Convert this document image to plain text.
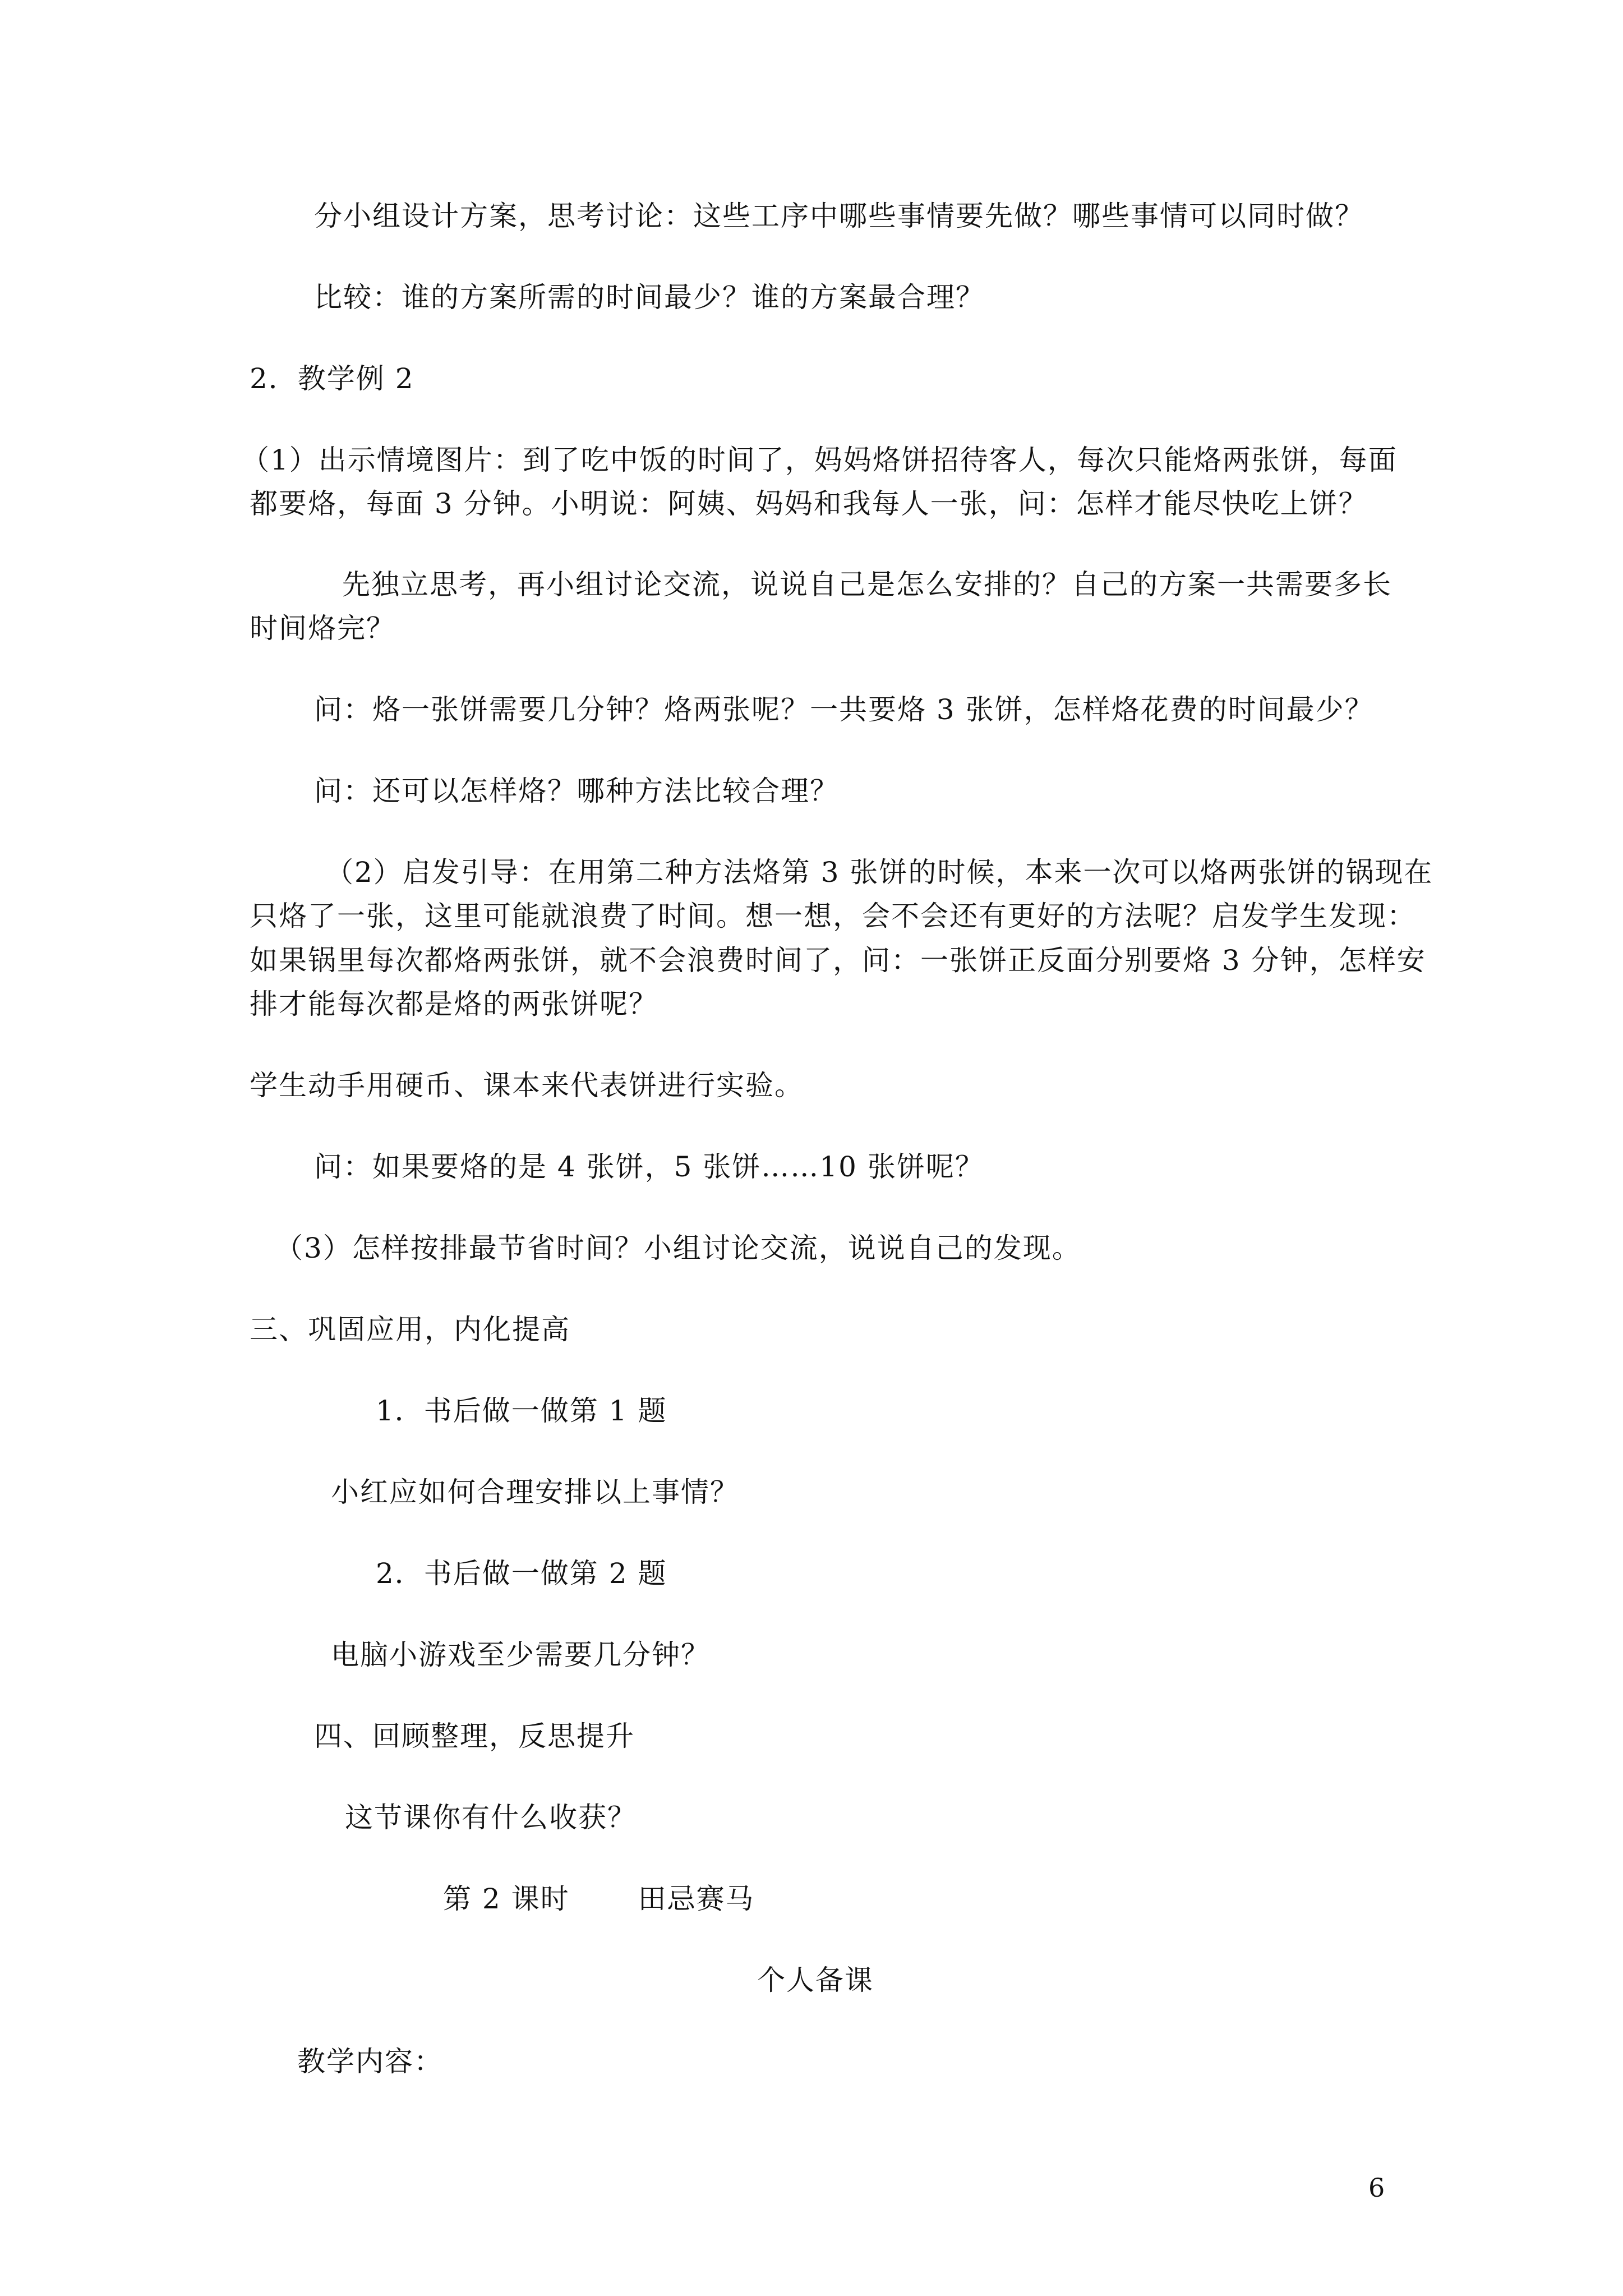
分小组设计方案，思考讨论：这些工序中哪些事情要先做？哪些事情可以同时做？
比较：谁的方案所需的时间最少？谁的方案最合理？
2．教学例 2
（1）出示情境图片：到了吃中饭的时间了，妈妈烙饼招待客人，每次只能烙两张饼，每面
都要烙，每面 3 分钟。小明说：阿姨、妈妈和我每人一张，问：怎样才能尽快吃上饼？
先独立思考，再小组讨论交流，说说自己是怎么安排的？自己的方案一共需要多长
时间烙完？
问：烙一张饼需要几分钟？烙两张呢？一共要烙 3 张饼，怎样烙花费的时间最少？
问：还可以怎样烙？哪种方法比较合理？
（2）启发引导：在用第二种方法烙第 3 张饼的时候，本来一次可以烙两张饼的锅现在
只烙了一张，这里可能就浪费了时间。想一想，会不会还有更好的方法呢？启发学生发现：
如果锅里每次都烙两张饼，就不会浪费时间了，问：一张饼正反面分别要烙 3 分钟，怎样安
排才能每次都是烙的两张饼呢？
学生动手用硬币、课本来代表饼进行实验。
问：如果要烙的是 4 张饼，5 张饼……10 张饼呢？
（3）怎样按排最节省时间？小组讨论交流，说说自己的发现。
三、巩固应用，内化提高
1．书后做一做第 1 题
小红应如何合理安排以上事情？
2．书后做一做第 2 题
电脑小游戏至少需要几分钟？
四、回顾整理，反思提升
这节课你有什么收获？
第 2 课时　　 田忌赛马
个人备课
教学内容：
6
